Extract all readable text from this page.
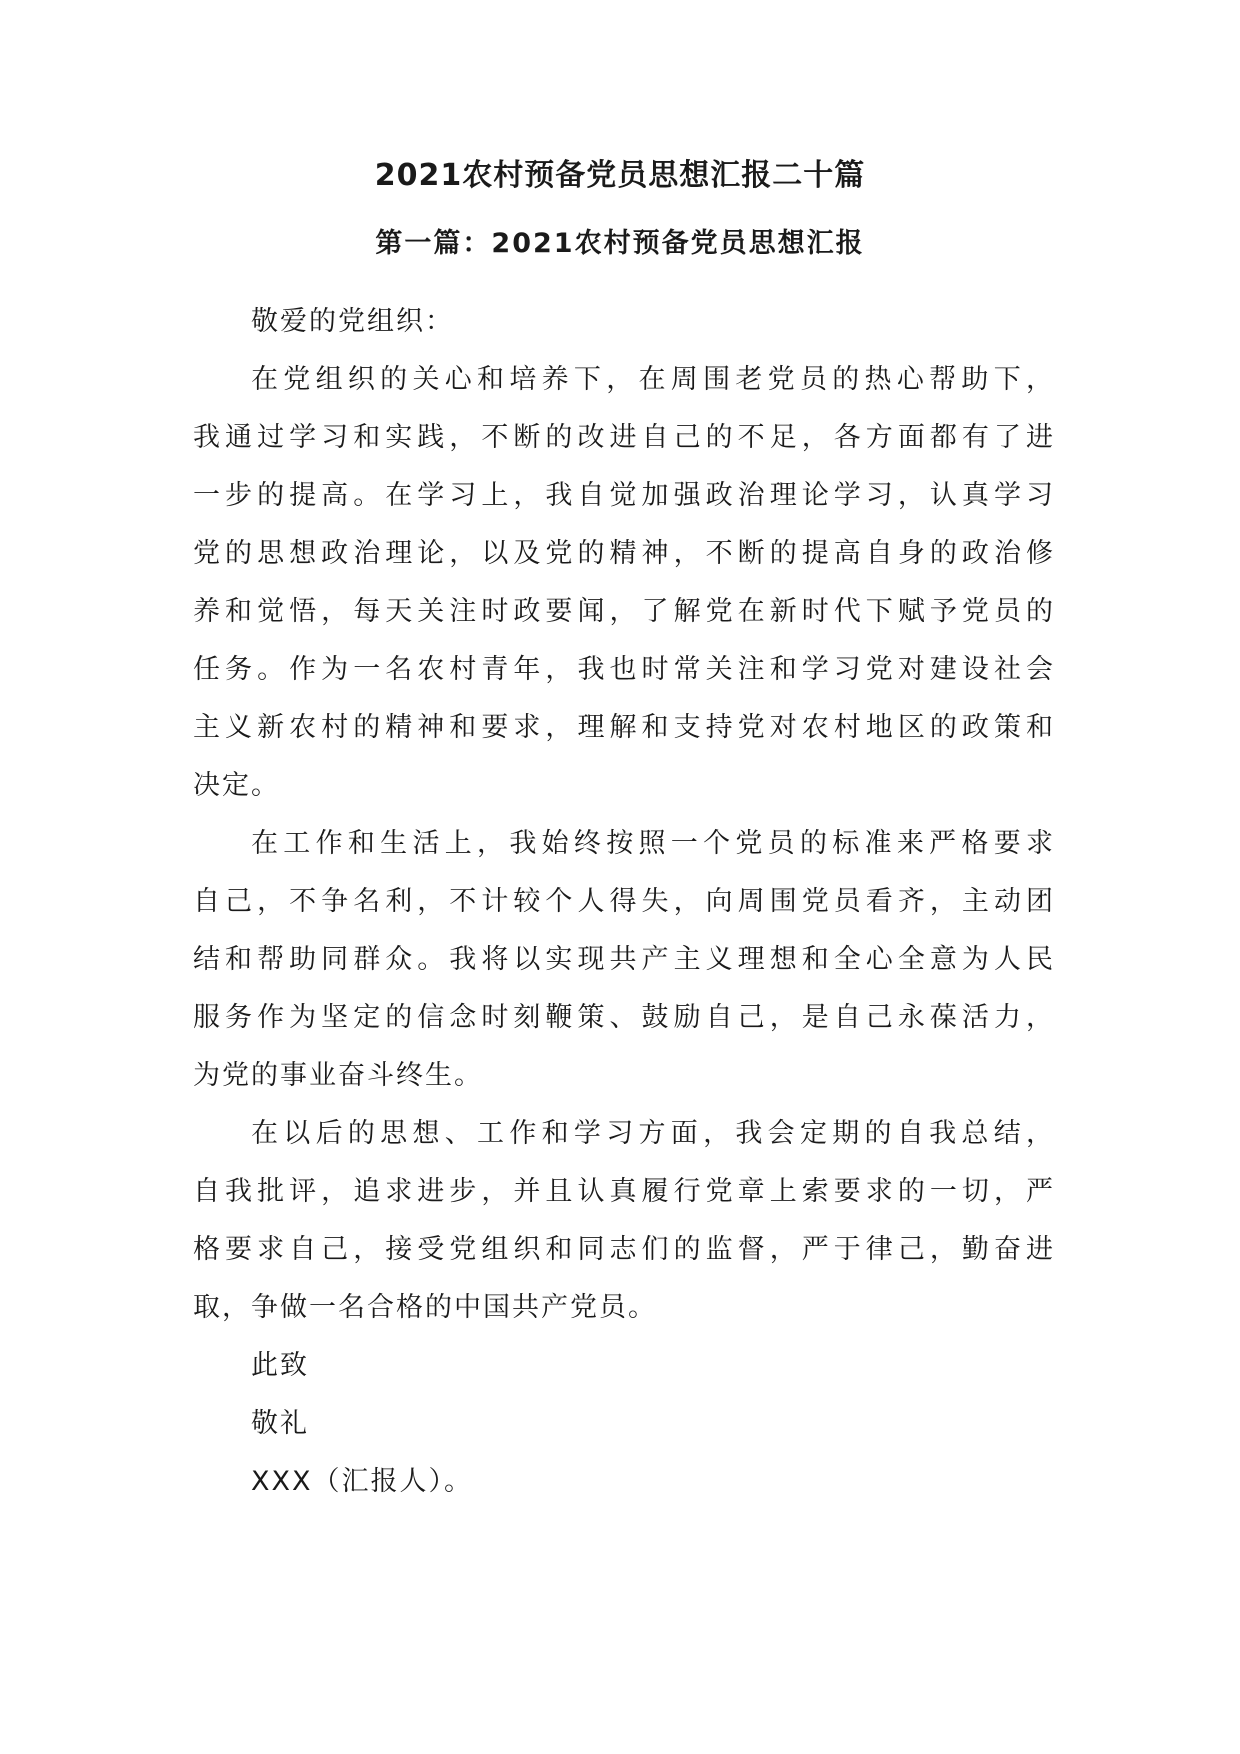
2021农村预备党员思想汇报二十篇
第一篇：2021农村预备党员思想汇报

敬爱的党组织：

在党组织的关心和培养下，在周围老党员的热心帮助下，
我通过学习和实践，不断的改进自己的不足，各方面都有了进
一步的提高。在学习上，我自觉加强政治理论学习，认真学习
党的思想政治理论，以及党的精神，不断的提高自身的政治修
养和觉悟，每天关注时政要闻，了解党在新时代下赋予党员的
任务。作为一名农村青年，我也时常关注和学习党对建设社会
主义新农村的精神和要求，理解和支持党对农村地区的政策和
决定。
在工作和生活上，我始终按照一个党员的标准来严格要求
自己，不争名利，不计较个人得失，向周围党员看齐，主动团
结和帮助同群众。我将以实现共产主义理想和全心全意为人民
服务作为坚定的信念时刻鞭策、鼓励自己，是自己永葆活力，
为党的事业奋斗终生。
在以后的思想、工作和学习方面，我会定期的自我总结，
自我批评，追求进步，并且认真履行党章上索要求的一切，严
格要求自己，接受党组织和同志们的监督，严于律己，勤奋进
取，争做一名合格的中国共产党员。

此致

敬礼

XXX（汇报人）。
